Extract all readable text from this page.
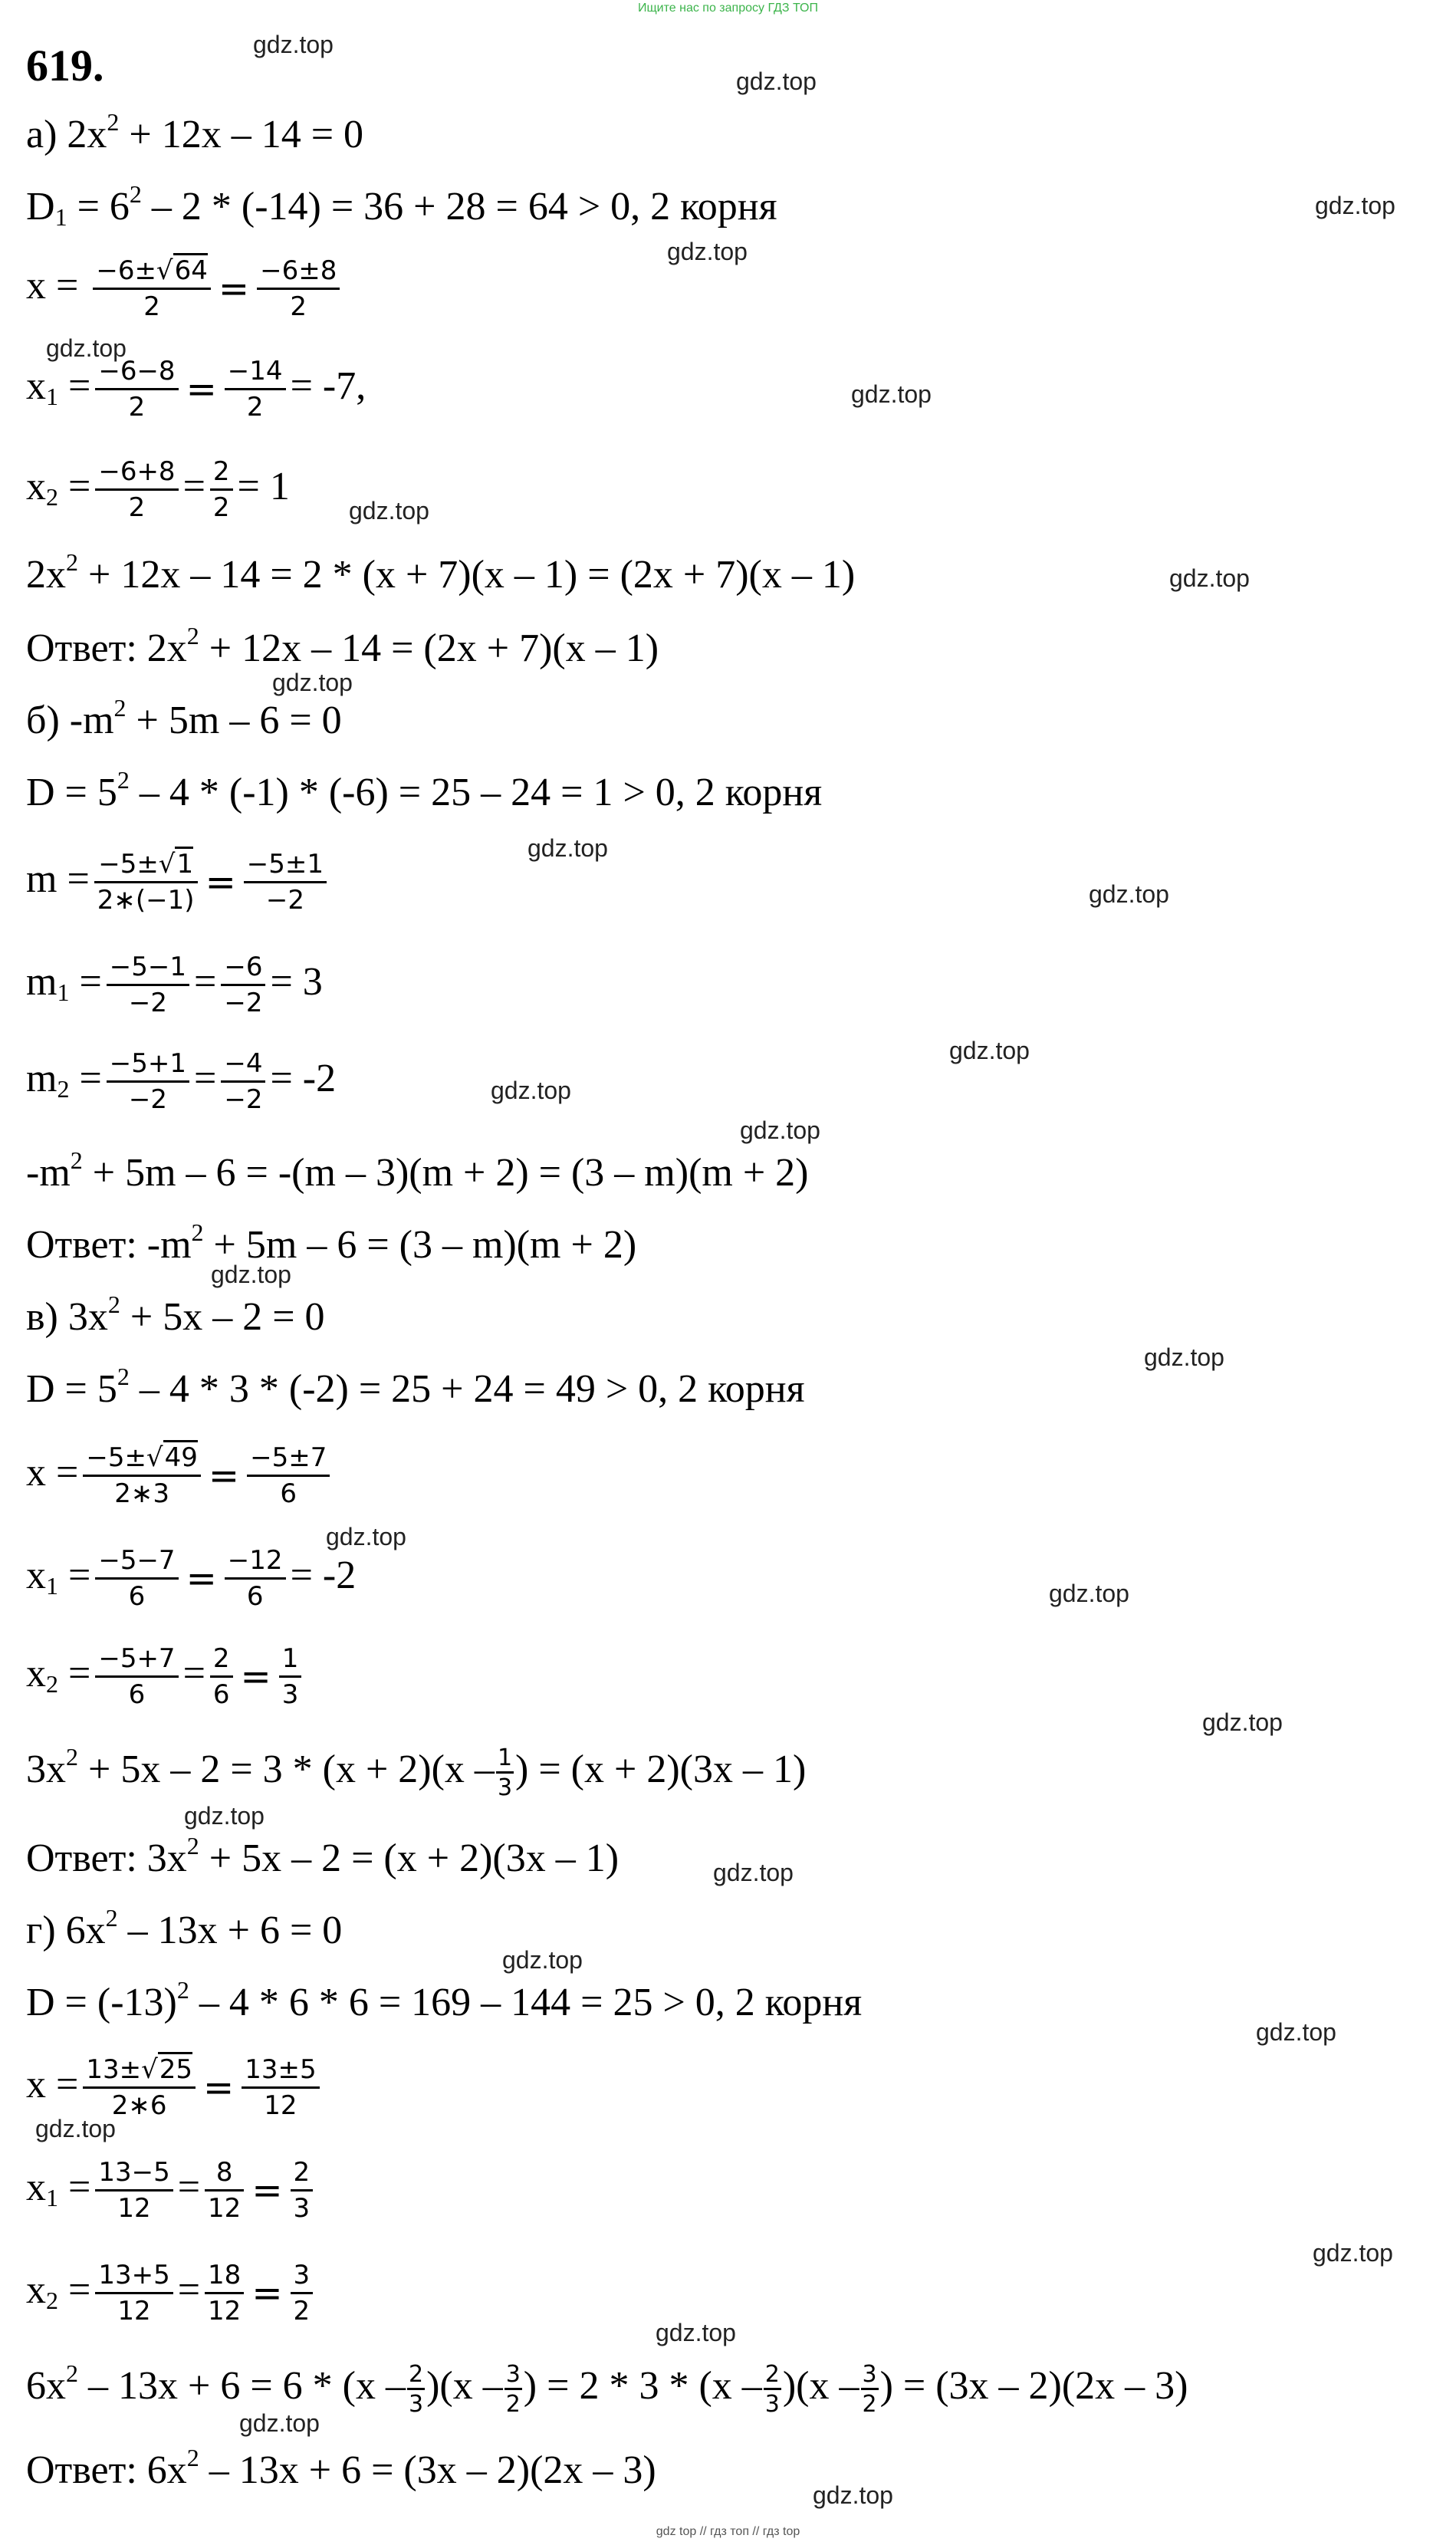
Ищите нас по запросу ГДЗ ТОП
619.
а) $2x^2 + 12x - 14 = 0$
$D_1 = 6^2 - 2 * (-14) = 36 + 28 = 64 > 0$, 2 корня
$x = \frac{-6\pm√64}{2} = \frac{-6\pm 8}{2}$
$x_1 = \frac{-6-8}{2} = \frac{-14}{2} = -7$,
$x_2 = \frac{-6+8}{2} = \frac{2}{2} = 1$
$2x^2 + 12x - 14 = 2 * (x + 7)(x - 1) = (2x + 7)(x - 1)$
Ответ: $2x^2 + 12x - 14 = (2x + 7)(x - 1)$
б) $-m^2 + 5m - 6 = 0$
$D = 5^2 - 4 * (-1) * (-6) = 25 - 24 = 1 > 0$, 2 корня
$m = \frac{-5\pm√1}{2∗(-1)} = \frac{-5\pm 1}{-2}$
$m_1 = \frac{-5-1}{-2} = \frac{-6}{-2} = 3$
$m_2 = \frac{-5+1}{-2} = \frac{-4}{-2} = -2$
$-m^2 + 5m - 6 = -(m - 3)(m + 2) = (3 - m)(m + 2)$
Ответ: $-m^2 + 5m - 6 = (3 - m)(m + 2)$
в) $3x^2 + 5x - 2 = 0$
$D = 5^2 - 4 * 3 * (-2) = 25 + 24 = 49 > 0$, 2 корня
$x = \frac{-5\pm√49}{2∗3} = \frac{-5\pm 7}{6}$
$x_1 = \frac{-5-7}{6} = \frac{-12}{6} = -2$
$x_2 = \frac{-5+7}{6} = \frac{2}{6} = \frac{1}{3}$
$3x^2 + 5x - 2 = 3 * (x + 2)(x - \frac{1}{3}$ ) = (x + 2)(3x – 1)
Ответ: $3x^2 + 5x - 2 = (x + 2)(3x - 1)$
г) $6x^2 - 13x + 6 = 0$
$D = (-13)^2 - 4 * 6 * 6 = 169 - 144 = 25 > 0$, 2 корня
$x = \frac{13\pm√25}{2∗6} = \frac{13\pm 5}{12}$
$x_1 = \frac{13-5}{12} = \frac{8}{12} = \frac{2}{3}$
$x_2 = \frac{13+5}{12} = \frac{18}{12} = \frac{3}{2}$
$6x^2 - 13x + 6 = 6 * (x - \frac{2}{3} )(x - \frac{3}{2}$ ) = $2 * 3 * (x - \frac{2}{3} )(x - \frac{3}{2}$ ) = (3x – 2)(2x – 3)
Ответ: $6x^2 - 13x + 6 = (3x - 2)(2x - 3)$
gdz.top
gdz.top
gdz.top
gdz.top
gdz.top
gdz.top
gdz.top
gdz.top
gdz.top
gdz.top
gdz.top
gdz.top
gdz.top
gdz.top
gdz.top
gdz.top
gdz.top
gdz.top
gdz.top
gdz.top
gdz.top
gdz.top
gdz.top
gdz.top
gdz.top
gdz.top
gdz.top
gdz.top
gdz top // гдз топ // гдз top
